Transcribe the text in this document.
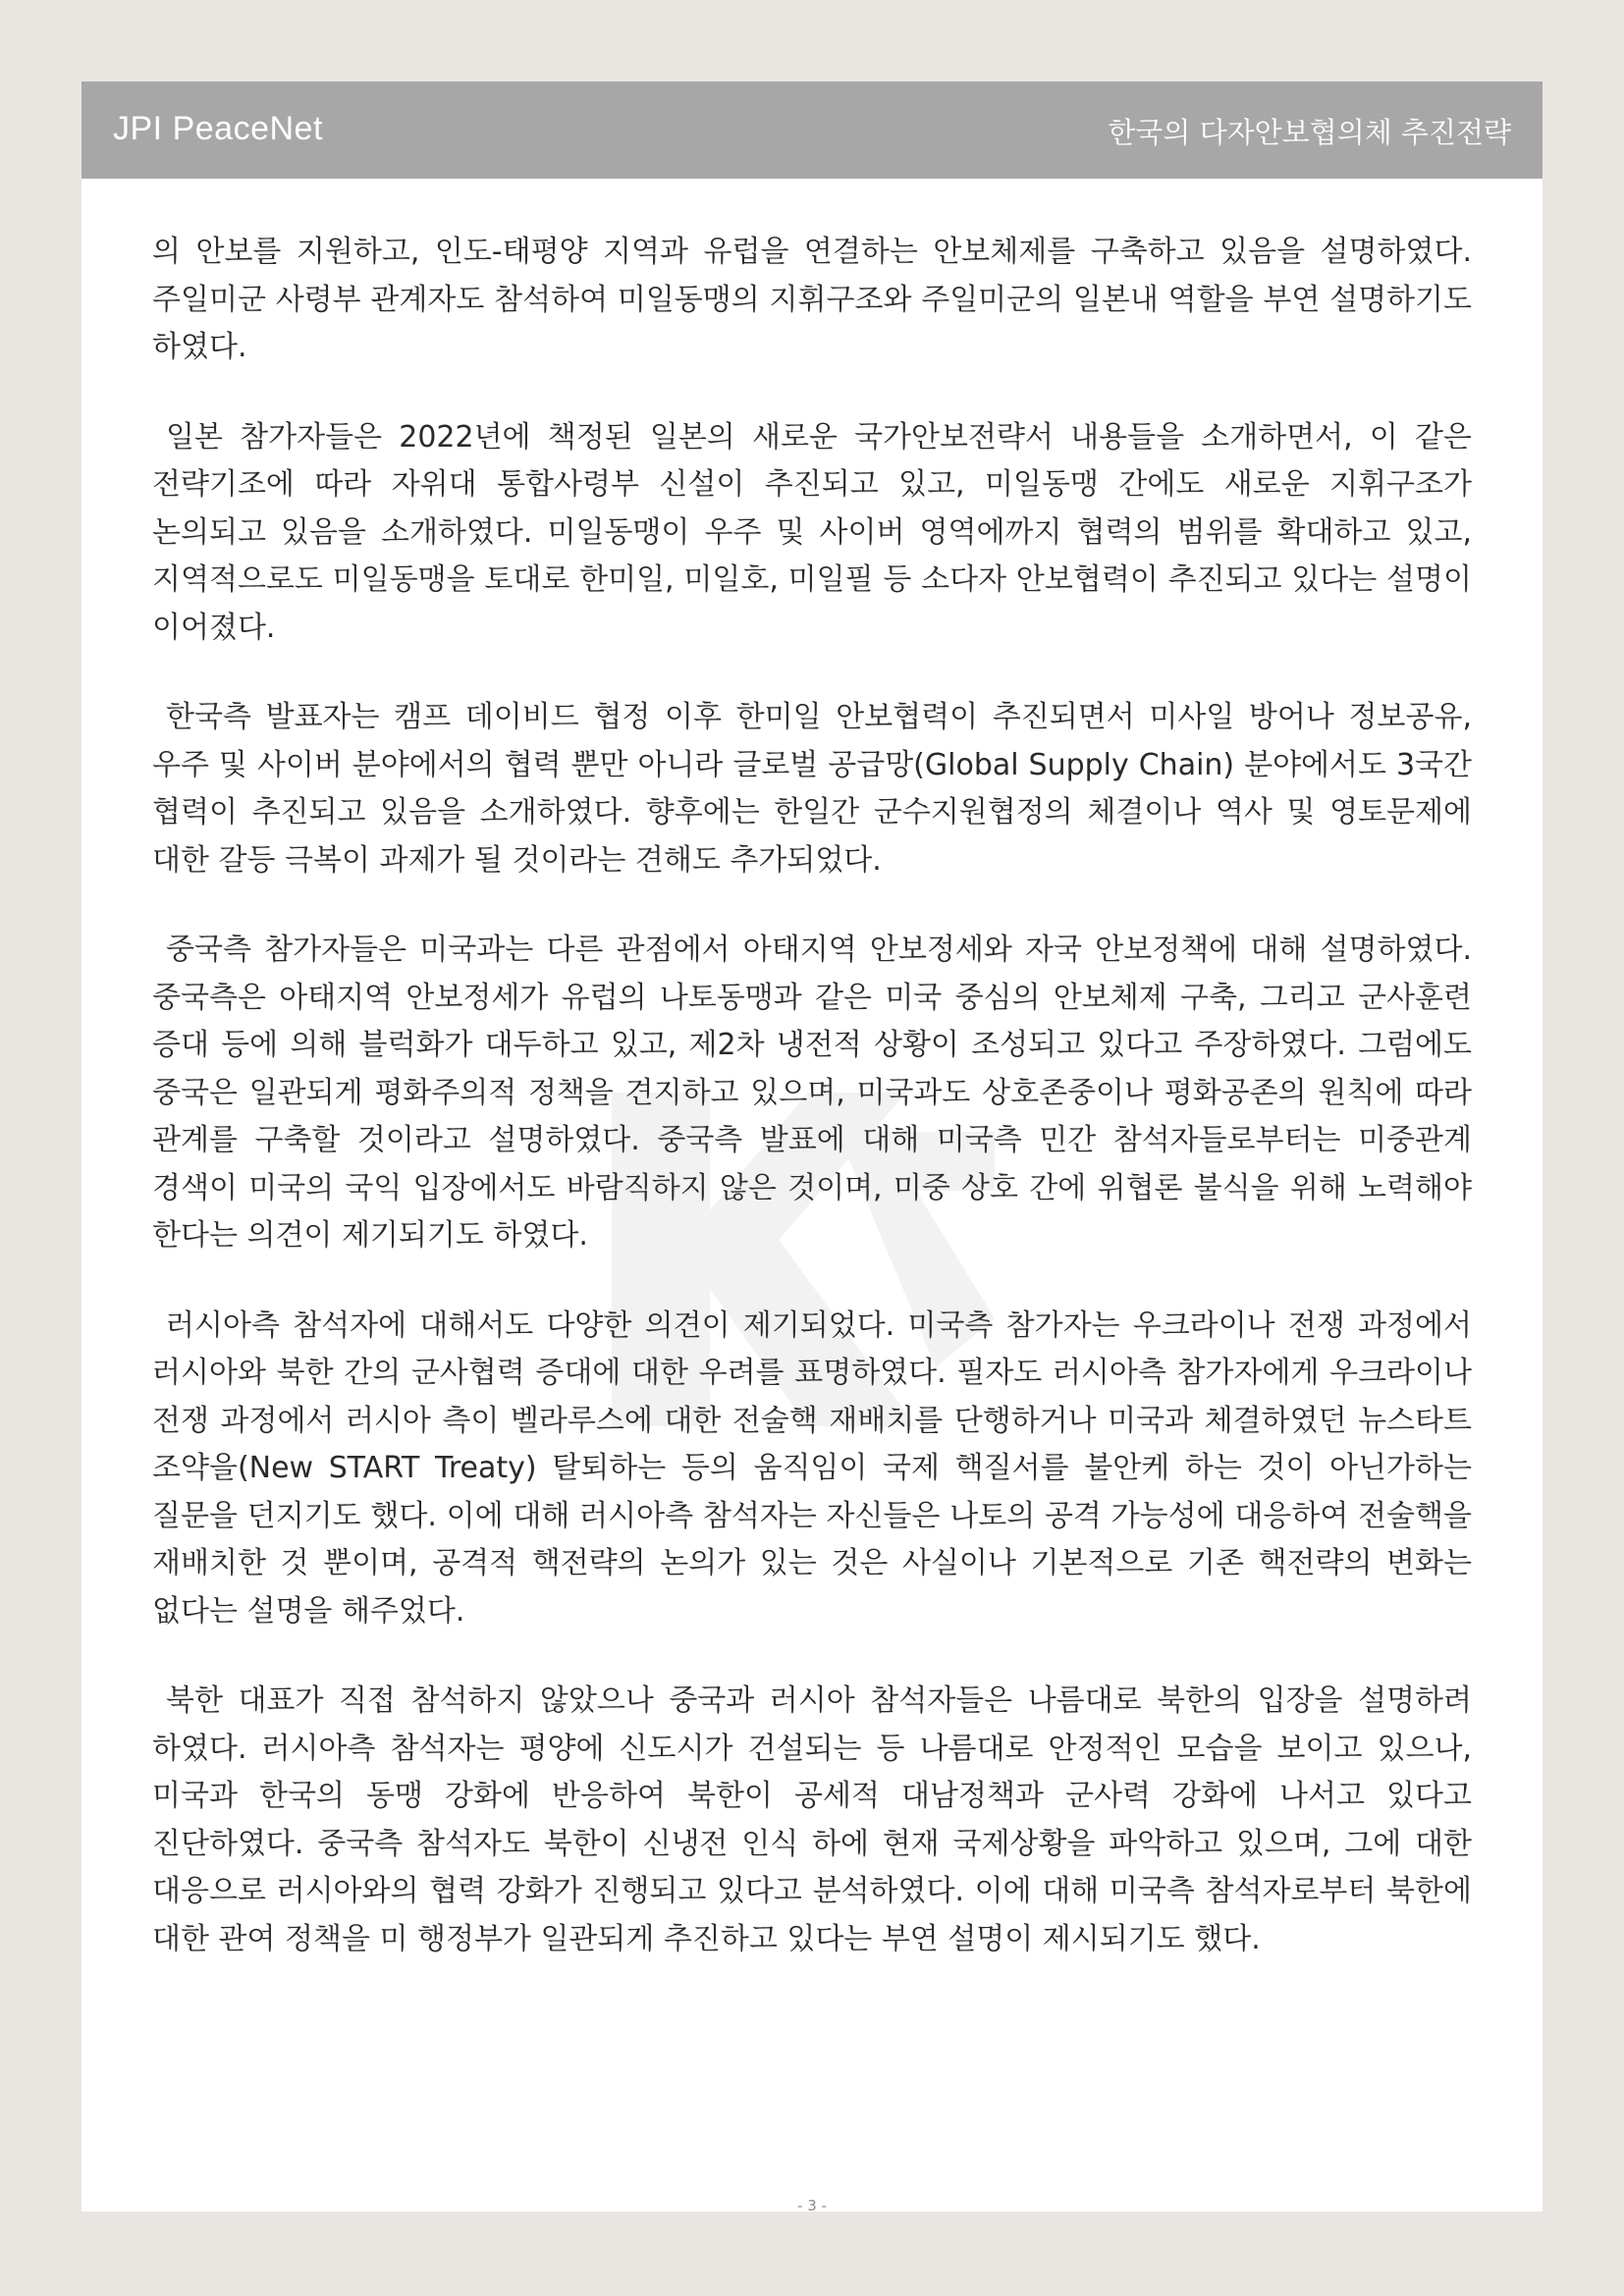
JPI PeaceNet	한국의 다자안보협의체 추진전략

의 안보를 지원하고, 인도-태평양 지역과 유럽을 연결하는 안보체제를 구축하고 있음을 설명하였다. 주일미군 사령부 관계자도 참석하여 미일동맹의 지휘구조와 주일미군의 일본내 역할을 부연 설명하기도 하였다.

일본 참가자들은 2022년에 책정된 일본의 새로운 국가안보전략서 내용들을 소개하면서, 이 같은 전략기조에 따라 자위대 통합사령부 신설이 추진되고 있고, 미일동맹 간에도 새로운 지휘구조가 논의되고 있음을 소개하였다. 미일동맹이 우주 및 사이버 영역에까지 협력의 범위를 확대하고 있고, 지역적으로도 미일동맹을 토대로 한미일, 미일호, 미일필 등 소다자 안보협력이 추진되고 있다는 설명이 이어졌다.

한국측 발표자는 캠프 데이비드 협정 이후 한미일 안보협력이 추진되면서 미사일 방어나 정보공유, 우주 및 사이버 분야에서의 협력 뿐만 아니라 글로벌 공급망(Global Supply Chain) 분야에서도 3국간 협력이 추진되고 있음을 소개하였다. 향후에는 한일간 군수지원협정의 체결이나 역사 및 영토문제에 대한 갈등 극복이 과제가 될 것이라는 견해도 추가되었다.

중국측 참가자들은 미국과는 다른 관점에서 아태지역 안보정세와 자국 안보정책에 대해 설명하였다. 중국측은 아태지역 안보정세가 유럽의 나토동맹과 같은 미국 중심의 안보체제 구축, 그리고 군사훈련 증대 등에 의해 블럭화가 대두하고 있고, 제2차 냉전적 상황이 조성되고 있다고 주장하였다. 그럼에도 중국은 일관되게 평화주의적 정책을 견지하고 있으며, 미국과도 상호존중이나 평화공존의 원칙에 따라 관계를 구축할 것이라고 설명하였다. 중국측 발표에 대해 미국측 민간 참석자들로부터는 미중관계 경색이 미국의 국익 입장에서도 바람직하지 않은 것이며, 미중 상호 간에 위협론 불식을 위해 노력해야 한다는 의견이 제기되기도 하였다.

러시아측 참석자에 대해서도 다양한 의견이 제기되었다. 미국측 참가자는 우크라이나 전쟁 과정에서 러시아와 북한 간의 군사협력 증대에 대한 우려를 표명하였다. 필자도 러시아측 참가자에게 우크라이나 전쟁 과정에서 러시아 측이 벨라루스에 대한 전술핵 재배치를 단행하거나 미국과 체결하였던 뉴스타트 조약을(New START Treaty) 탈퇴하는 등의 움직임이 국제 핵질서를 불안케 하는 것이 아닌가하는 질문을 던지기도 했다. 이에 대해 러시아측 참석자는 자신들은 나토의 공격 가능성에 대응하여 전술핵을 재배치한 것 뿐이며, 공격적 핵전략의 논의가 있는 것은 사실이나 기본적으로 기존 핵전략의 변화는 없다는 설명을 해주었다.

북한 대표가 직접 참석하지 않았으나 중국과 러시아 참석자들은 나름대로 북한의 입장을 설명하려 하였다. 러시아측 참석자는 평양에 신도시가 건설되는 등 나름대로 안정적인 모습을 보이고 있으나, 미국과 한국의 동맹 강화에 반응하여 북한이 공세적 대남정책과 군사력 강화에 나서고 있다고 진단하였다. 중국측 참석자도 북한이 신냉전 인식 하에 현재 국제상황을 파악하고 있으며, 그에 대한 대응으로 러시아와의 협력 강화가 진행되고 있다고 분석하였다. 이에 대해 미국측 참석자로부터 북한에 대한 관여 정책을 미 행정부가 일관되게 추진하고 있다는 부연 설명이 제시되기도 했다.

- 3 -
